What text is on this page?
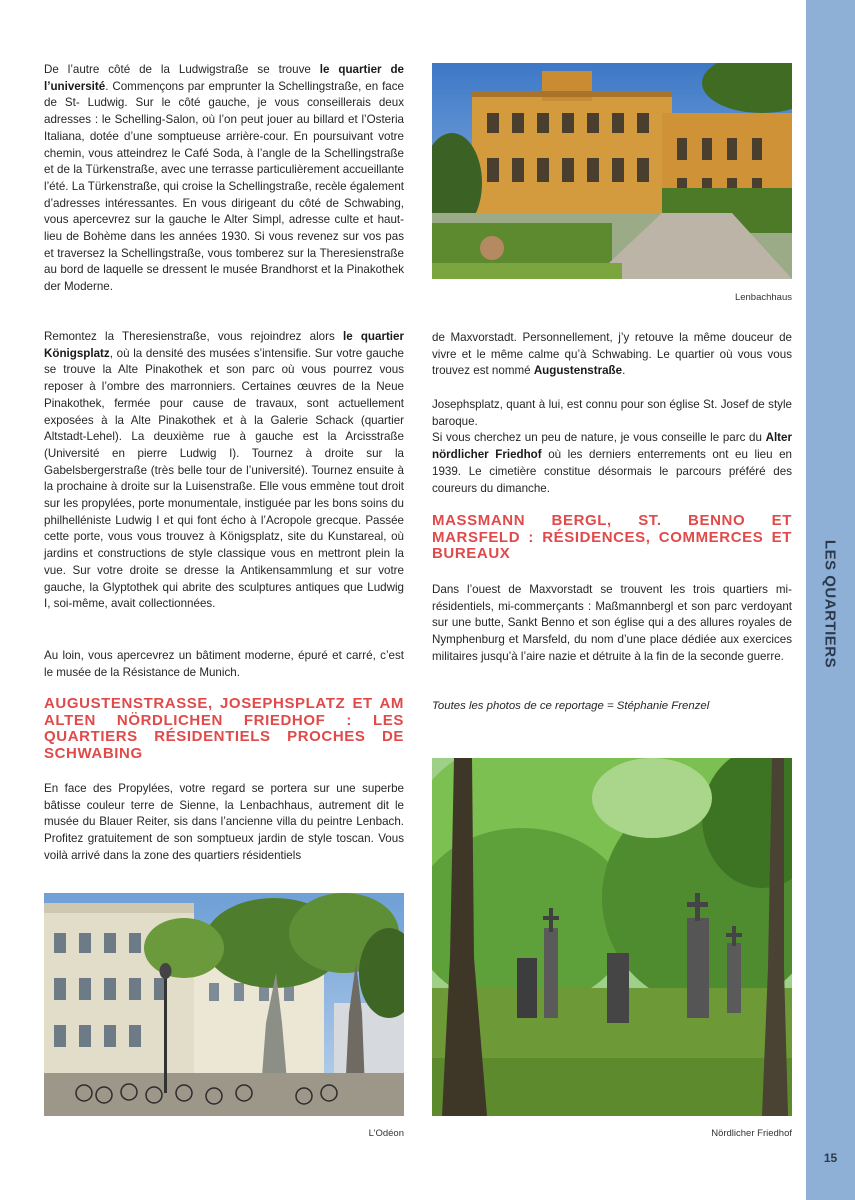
LES QUARTIERS
15

De l’autre côté de la Ludwigstraße se trouve le quartier de l’université. Commençons par emprunter la Schellingstraße, en face de St- Ludwig. Sur le côté gauche, je vous conseillerais deux adresses : le Schelling-Salon, où l’on peut jouer au billard et l’Osteria Italiana, dotée d’une somptueuse arrière-cour. En poursuivant votre chemin, vous atteindrez le Café Soda, à l’angle de la Schellingstraße et de la Türkenstraße, avec une terrasse particulièrement accueillante l’été. La Türkenstraße, qui croise la Schellingstraße, recèle également d’adresses intéressantes. En vous dirigeant du côté de Schwabing, vous apercevrez sur la gauche le Alter Simpl, adresse culte et haut-lieu de Bohème dans les années 1930. Si vous revenez sur vos pas et traversez la Schellingstraße, vous tomberez sur la Theresienstraße au bord de laquelle se dressent le musée Brandhorst et la Pinakothek der Moderne.

Remontez la Theresienstraße, vous rejoindrez alors le quartier Königsplatz, où la densité des musées s’intensifie. Sur votre gauche se trouve la Alte Pinakothek et son parc où vous pourrez vous reposer à l’ombre des marronniers. Certaines œuvres de la Neue Pinakothek, fermée pour cause de travaux, sont actuellement exposées à la Alte Pinakothek et à la Galerie Schack (quartier Altstadt-Lehel). La deuxième rue à gauche est la Arcisstraße (Université en pierre Ludwig I). Tournez à droite sur la Gabelsbergerstraße (très belle tour de l’université). Tournez ensuite à la prochaine à droite sur la Luisenstraße. Elle vous emmène tout droit sur les propylées, porte monumentale, instiguée par les bons soins du philhelléniste Ludwig I et qui font écho à l’Acropole grecque. Passée cette porte, vous vous trouvez à Königsplatz, site du Kunstareal, où jardins et constructions de style classique vous en mettront plein la vue. Sur votre droite se dresse la Antikensammlung et sur votre gauche, la Glyptothek qui abrite des sculptures antiques que Ludwig I, soi-même, avait collectionnées.

Au loin, vous apercevrez un bâtiment moderne, épuré et carré, c’est le musée de la Résistance de Munich.

AUGUSTENSTRASSE, JOSEPHSPLATZ ET AM ALTEN NÖRDLICHEN FRIEDHOF : LES QUARTIERS RÉSIDENTIELS PROCHES DE SCHWABING

En face des Propylées, votre regard se portera sur une superbe bâtisse couleur terre de Sienne, la Lenbachhaus, autrement dit le musée du Blauer Reiter, sis dans l’ancienne villa du peintre Lenbach. Profitez gratuitement de son somptueux jardin de style toscan. Vous voilà arrivé dans la zone des quartiers résidentiels

L’Odéon
Lenbachhaus

de Maxvorstadt. Personnellement, j’y retouve la même douceur de vivre et le même calme qu’à Schwabing. Le quartier où vous vous trouvez est nommé Augustenstraße.

Josephsplatz, quant à lui, est connu pour son église St. Josef de style baroque.
Si vous cherchez un peu de nature, je vous conseille le parc du Alter nördlicher Friedhof où les derniers enterrements ont eu lieu en 1939. Le cimetière constitue désormais le parcours préféré des coureurs du dimanche.

MASSMANN BERGL, ST. BENNO ET MARSFELD : RÉSIDENCES, COMMERCES ET BUREAUX

Dans l’ouest de Maxvorstadt se trouvent les trois quartiers mi-résidentiels, mi-commerçants : Maßmannbergl et son parc verdoyant sur une butte, Sankt Benno et son église qui a des allures royales de Nymphenburg et Marsfeld, du nom d’une place dédiée aux exercices militaires jusqu’à l’aire nazie et détruite à la fin de la seconde guerre.

Toutes les photos de ce reportage = Stéphanie Frenzel

Nördlicher Friedhof
